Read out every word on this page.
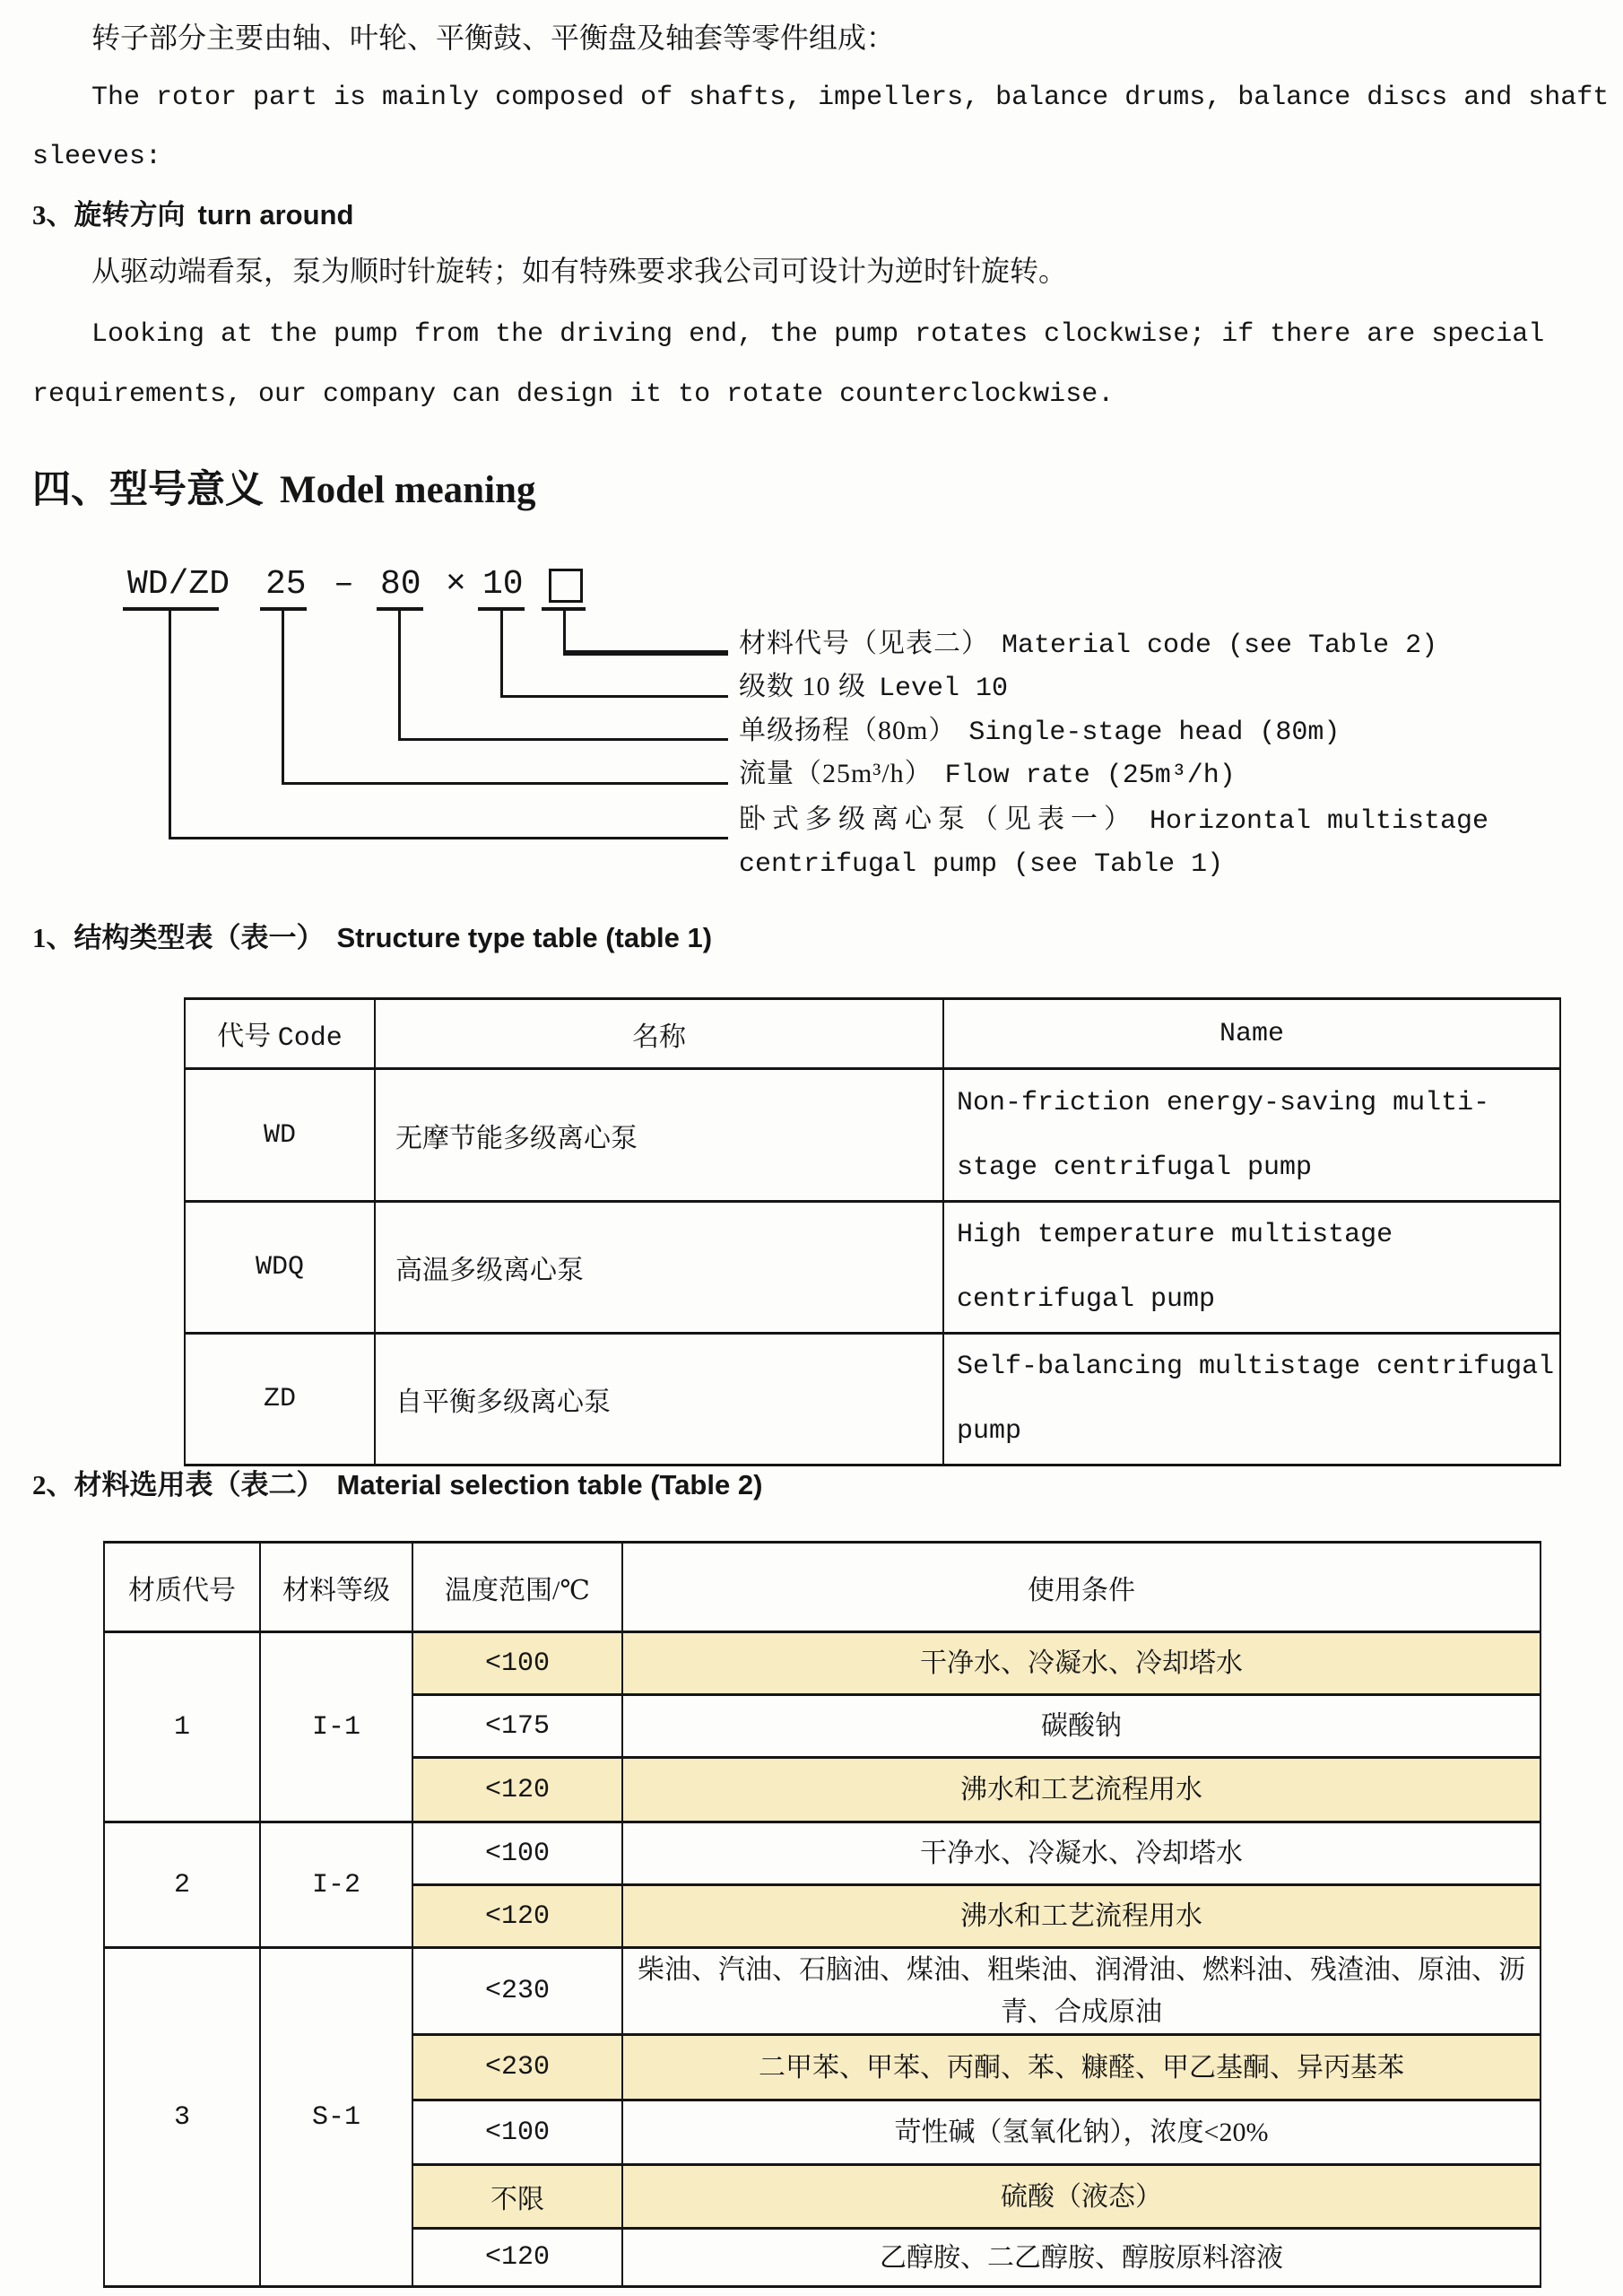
转子部分主要由轴、叶轮、平衡鼓、平衡盘及轴套等零件组成：
The rotor part is mainly composed of shafts, impellers, balance drums, balance discs and shaft sleeves:
3、旋转方向 turn around
从驱动端看泵，泵为顺时针旋转；如有特殊要求我公司可设计为逆时针旋转。
Looking at the pump from the driving end, the pump rotates clockwise; if there are special requirements, our company can design it to rotate counterclockwise.
四、型号意义 Model meaning
WD/ZD 25 – 80 × 10
材料代号（见表二） Material code (see Table 2)
级数 10 级 Level 10
单级扬程（80m） Single-stage head (80m)
流量（25m³/h） Flow rate (25m³/h)
卧式多级离心泵（见表一） Horizontal multistage
centrifugal pump (see Table 1)
1、结构类型表（表一） Structure type table (table 1)
代号 Code	名称	Name
WD	无摩节能多级离心泵	Non-friction energy-saving multi-stage centrifugal pump
WDQ	高温多级离心泵	High temperature multistage centrifugal pump
ZD	自平衡多级离心泵	Self-balancing multistage centrifugal pump
2、材料选用表（表二） Material selection table (Table 2)
材质代号	材料等级	温度范围/℃	使用条件
1	I-1	<100	干净水、冷凝水、冷却塔水
		<175	碳酸钠
		<120	沸水和工艺流程用水
2	I-2	<100	干净水、冷凝水、冷却塔水
		<120	沸水和工艺流程用水
3	S-1	<230	柴油、汽油、石脑油、煤油、粗柴油、润滑油、燃料油、残渣油、原油、沥青、合成原油
		<230	二甲苯、甲苯、丙酮、苯、糠醛、甲乙基酮、异丙基苯
		<100	苛性碱（氢氧化钠），浓度<20%
		不限	硫酸（液态）
		<120	乙醇胺、二乙醇胺、醇胺原料溶液
